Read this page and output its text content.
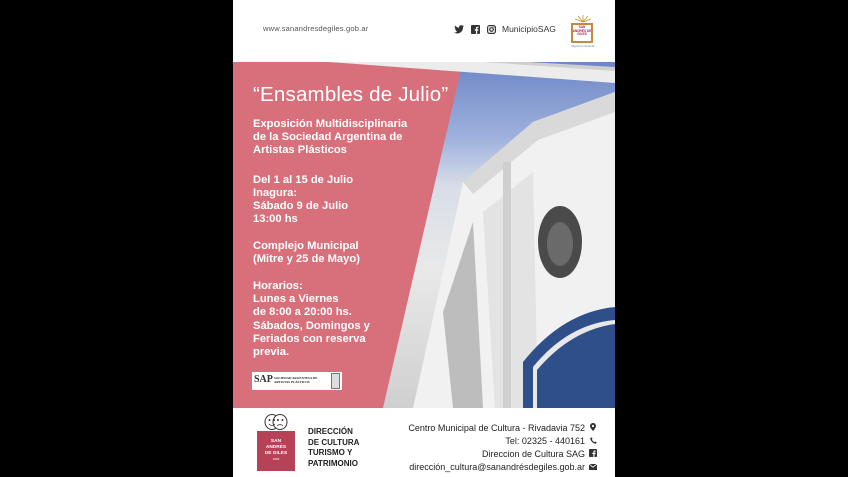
www.sanandresdegiles.gob.ar	MunicipioSAG	SAN ANDRÉS DE GILES
Seguimos creciendo
“Ensambles de Julio”
Exposición Multidisciplinaria
de la Sociedad Argentina de
Artistas Plásticos
Del 1 al 15 de Julio
Inagura:
Sábado 9 de Julio
13:00 hs
Complejo Municipal
(Mitre y 25 de Mayo)
Horarios:
Lunes a Viernes
de 8:00 a 20:00 hs.
Sábados, Domingos y
Feriados con reserva
previa.
SAP SOCIEDAD ARGENTINA DE ARTISTAS PLÁSTICOS
SAN
ANDRÉS
DE GILES
1806
DIRECCIÓN
DE CULTURA
TURISMO Y
PATRIMONIO
Centro Municipal de Cultura - Rivadavia 752
Tel: 02325 - 440161
Direccion de Cultura SAG
dirección_cultura@sanandrésdegiles.gob.ar
